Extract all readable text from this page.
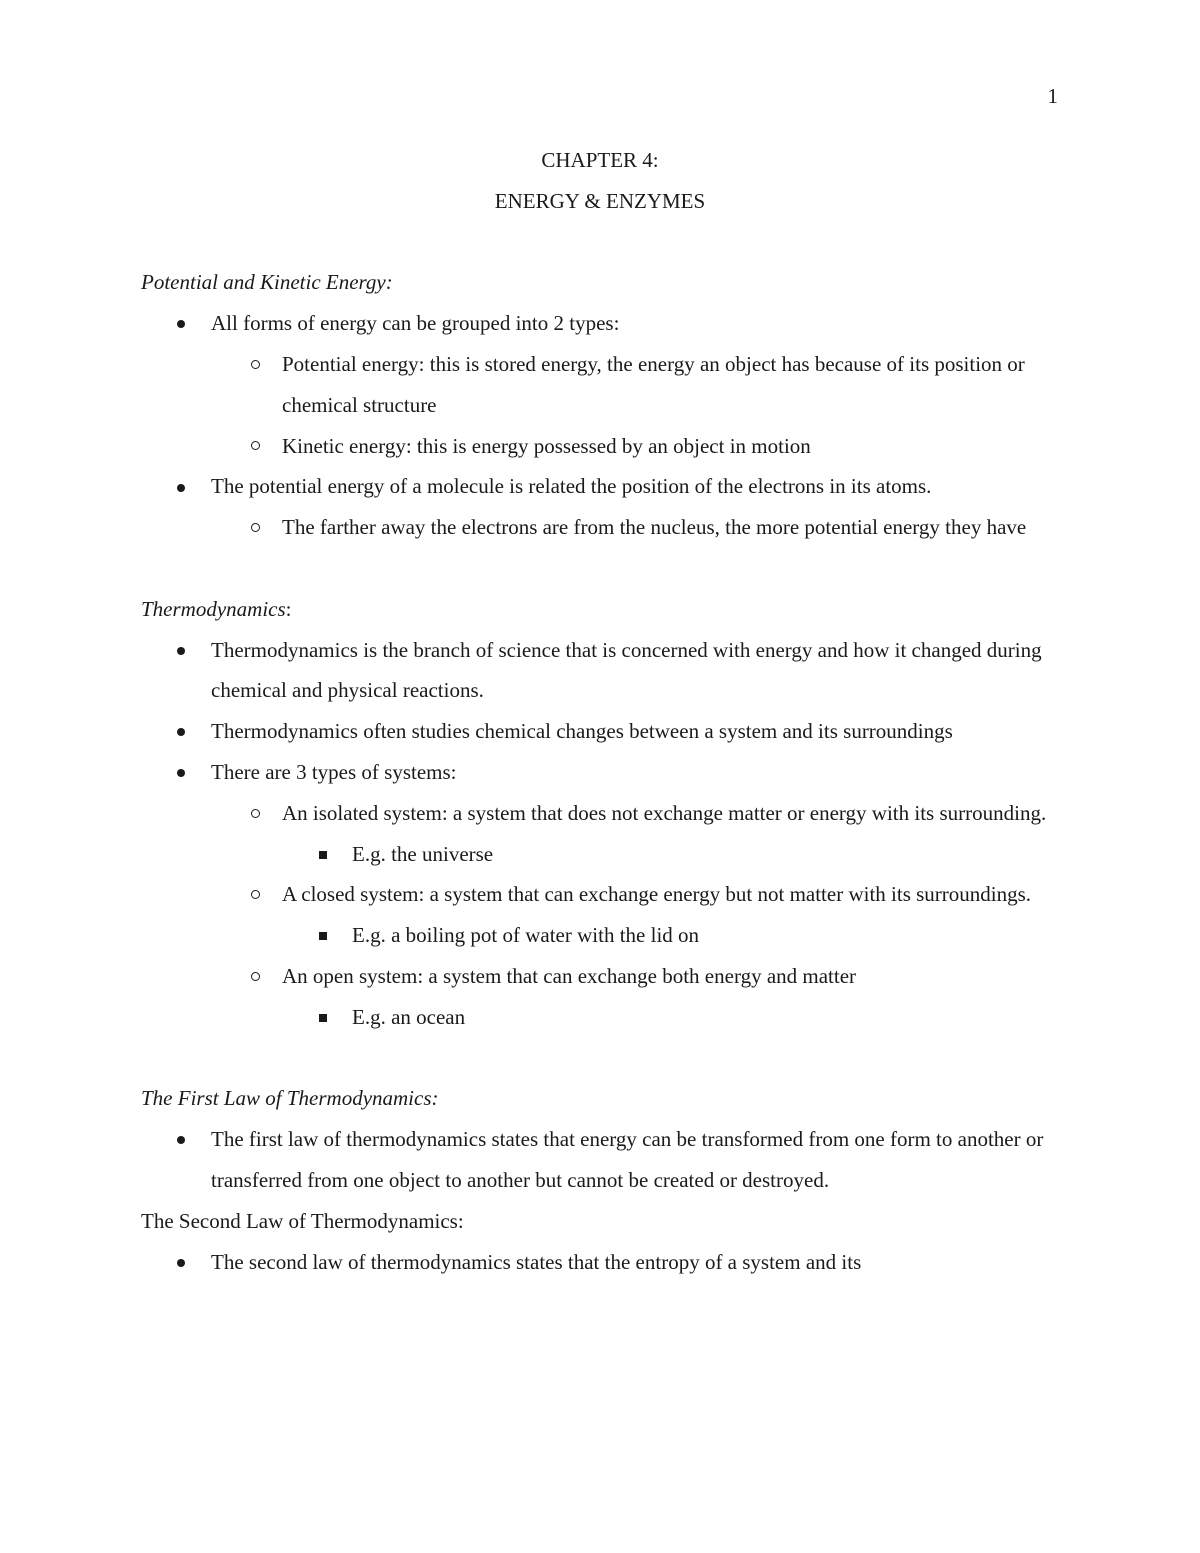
1
CHAPTER 4:
ENERGY & ENZYMES
Potential and Kinetic Energy:
All forms of energy can be grouped into 2 types:
Potential energy: this is stored energy, the energy an object has because of its position or chemical structure
Kinetic energy: this is energy possessed by an object in motion
The potential energy of a molecule is related the position of the electrons in its atoms.
The farther away the electrons are from the nucleus, the more potential energy they have
Thermodynamics:
Thermodynamics is the branch of science that is concerned with energy and how it changed during chemical and physical reactions.
Thermodynamics often studies chemical changes between a system and its surroundings
There are 3 types of systems:
An isolated system: a system that does not exchange matter or energy with its surrounding.
E.g. the universe
A closed system: a system that can exchange energy but not matter with its surroundings.
E.g. a boiling pot of water with the lid on
An open system: a system that can exchange both energy and matter
E.g. an ocean
The First Law of Thermodynamics:
The first law of thermodynamics states that energy can be transformed from one form to another or transferred from one object to another but cannot be created or destroyed.
The Second Law of Thermodynamics:
The second law of thermodynamics states that the entropy of a system and its
